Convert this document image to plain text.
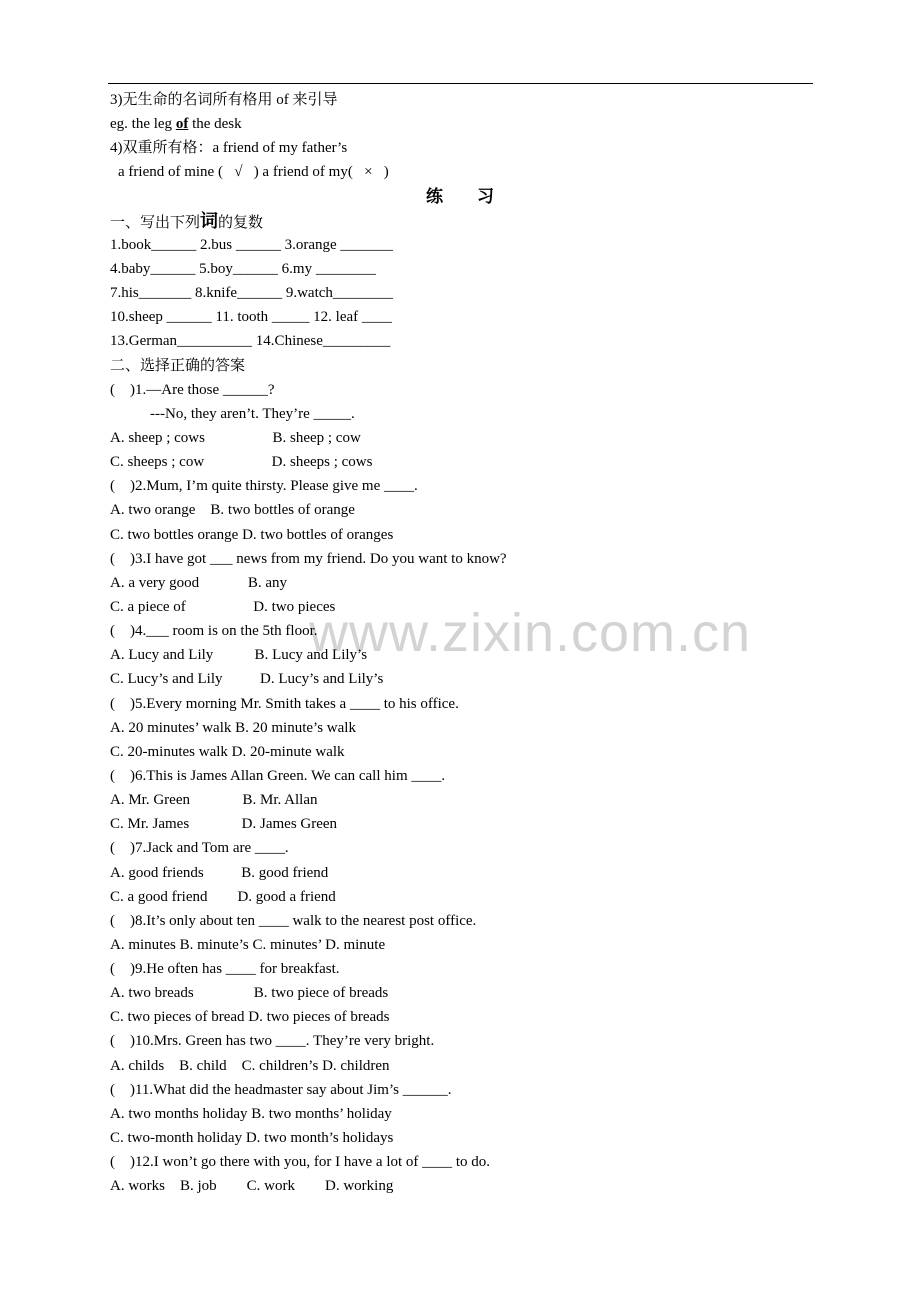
www.zixin.com.cn
3)无生命的名词所有格用 of 来引导
eg. the leg of the desk
4)双重所有格：a friend of my father’s
a friend of mine (   √   ) a friend of my(   ×   )
练        习
一、写出下列词的复数
1.book______ 2.bus ______ 3.orange _______
4.baby______ 5.boy______ 6.my ________
7.his_______ 8.knife______ 9.watch________
10.sheep ______ 11. tooth _____ 12. leaf ____
13.German__________ 14.Chinese_________
二、选择正确的答案
(    )1.—Are those ______?
---No, they aren’t. They’re _____.
A. sheep ; cows                  B. sheep ; cow
C. sheeps ; cow                  D. sheeps ; cows
(    )2.Mum, I’m quite thirsty. Please give me ____.
A. two orange    B. two bottles of orange
C. two bottles orange D. two bottles of oranges
(    )3.I have got ___ news from my friend. Do you want to know?
A. a very good             B. any
C. a piece of                  D. two pieces
(    )4.___ room is on the 5th floor.
A. Lucy and Lily           B. Lucy and Lily’s
C. Lucy’s and Lily          D. Lucy’s and Lily’s
(    )5.Every morning Mr. Smith takes a ____ to his office.
A. 20 minutes’ walk B. 20 minute’s walk
C. 20-minutes walk D. 20-minute walk
(    )6.This is James Allan Green. We can call him ____.
A. Mr. Green              B. Mr. Allan
C. Mr. James              D. James Green
(    )7.Jack and Tom are ____.
A. good friends          B. good friend
C. a good friend        D. good a friend
(    )8.It’s only about ten ____ walk to the nearest post office.
A. minutes B. minute’s C. minutes’ D. minute
(    )9.He often has ____ for breakfast.
A. two breads                B. two piece of breads
C. two pieces of bread D. two pieces of breads
(    )10.Mrs. Green has two ____. They’re very bright.
A. childs    B. child    C. children’s D. children
(    )11.What did the headmaster say about Jim’s ______.
A. two months holiday B. two months’ holiday
C. two-month holiday D. two month’s holidays
(    )12.I won’t go there with you, for I have a lot of ____ to do.
A. works    B. job        C. work        D. working
